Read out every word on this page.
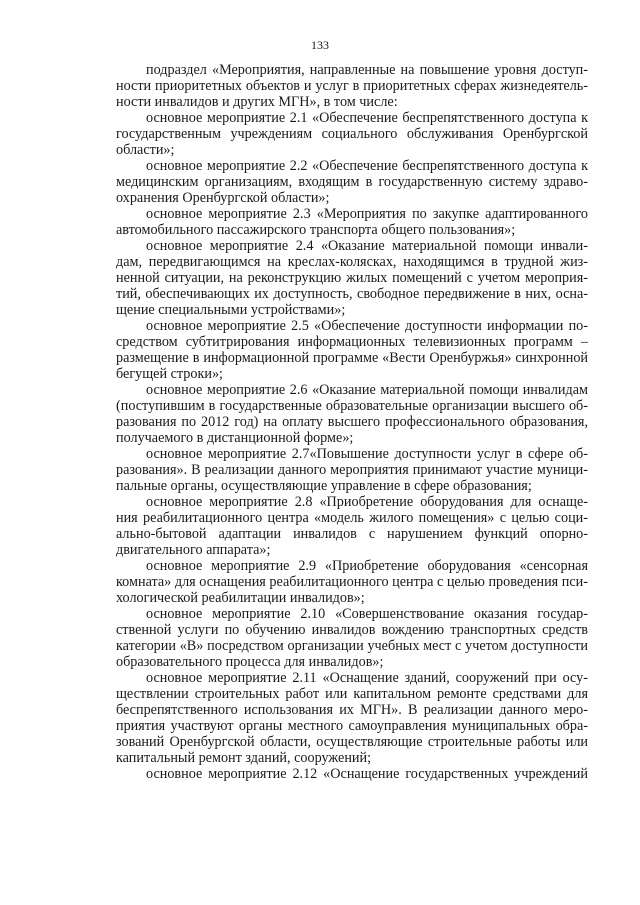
133

подраздел «Мероприятия, направленные на повышение уровня доступ-
ности приоритетных объектов и услуг в приоритетных сферах жизнедеятель-
ности инвалидов и других МГН», в том числе:

основное мероприятие 2.1 «Обеспечение беспрепятственного доступа к
государственным учреждениям социального обслуживания Оренбургской
области»;

основное мероприятие 2.2 «Обеспечение беспрепятственного доступа к
медицинским организациям, входящим в государственную систему здраво-
охранения Оренбургской области»;

основное мероприятие 2.3 «Мероприятия по закупке адаптированного
автомобильного пассажирского транспорта общего пользования»;

основное мероприятие 2.4 «Оказание материальной помощи инвали-
дам, передвигающимся на креслах-колясках, находящимся в трудной жиз-
ненной ситуации, на реконструкцию жилых помещений с учетом мероприя-
тий, обеспечивающих их доступность, свободное передвижение в них, осна-
щение специальными устройствами»;

основное мероприятие 2.5 «Обеспечение доступности информации по-
средством субтитрирования информационных телевизионных программ –
размещение в информационной программе «Вести Оренбуржья» синхронной
бегущей строки»;

основное мероприятие 2.6 «Оказание материальной помощи инвалидам
(поступившим в государственные образовательные организации высшего об-
разования по 2012 год) на оплату высшего профессионального образования,
получаемого в дистанционной форме»;

основное мероприятие 2.7«Повышение доступности услуг в сфере об-
разования». В реализации данного мероприятия принимают участие муници-
пальные органы, осуществляющие управление в сфере образования;

основное мероприятие 2.8 «Приобретение оборудования для оснаще-
ния реабилитационного центра «модель жилого помещения» с целью соци-
ально-бытовой адаптации инвалидов с нарушением функций опорно-
двигательного аппарата»;

основное мероприятие 2.9 «Приобретение оборудования «сенсорная
комната» для оснащения реабилитационного центра с целью проведения пси-
хологической реабилитации инвалидов»;

основное мероприятие 2.10 «Совершенствование оказания государ-
ственной услуги по обучению инвалидов вождению транспортных средств
категории «В» посредством организации учебных мест с учетом доступности
образовательного процесса для инвалидов»;

основное мероприятие 2.11 «Оснащение зданий, сооружений при осу-
ществлении строительных работ или капитальном ремонте средствами для
беспрепятственного использования их МГН». В реализации данного меро-
приятия участвуют органы местного самоуправления муниципальных обра-
зований Оренбургской области, осуществляющие строительные работы или
капитальный ремонт зданий, сооружений;

основное мероприятие 2.12 «Оснащение государственных учреждений
